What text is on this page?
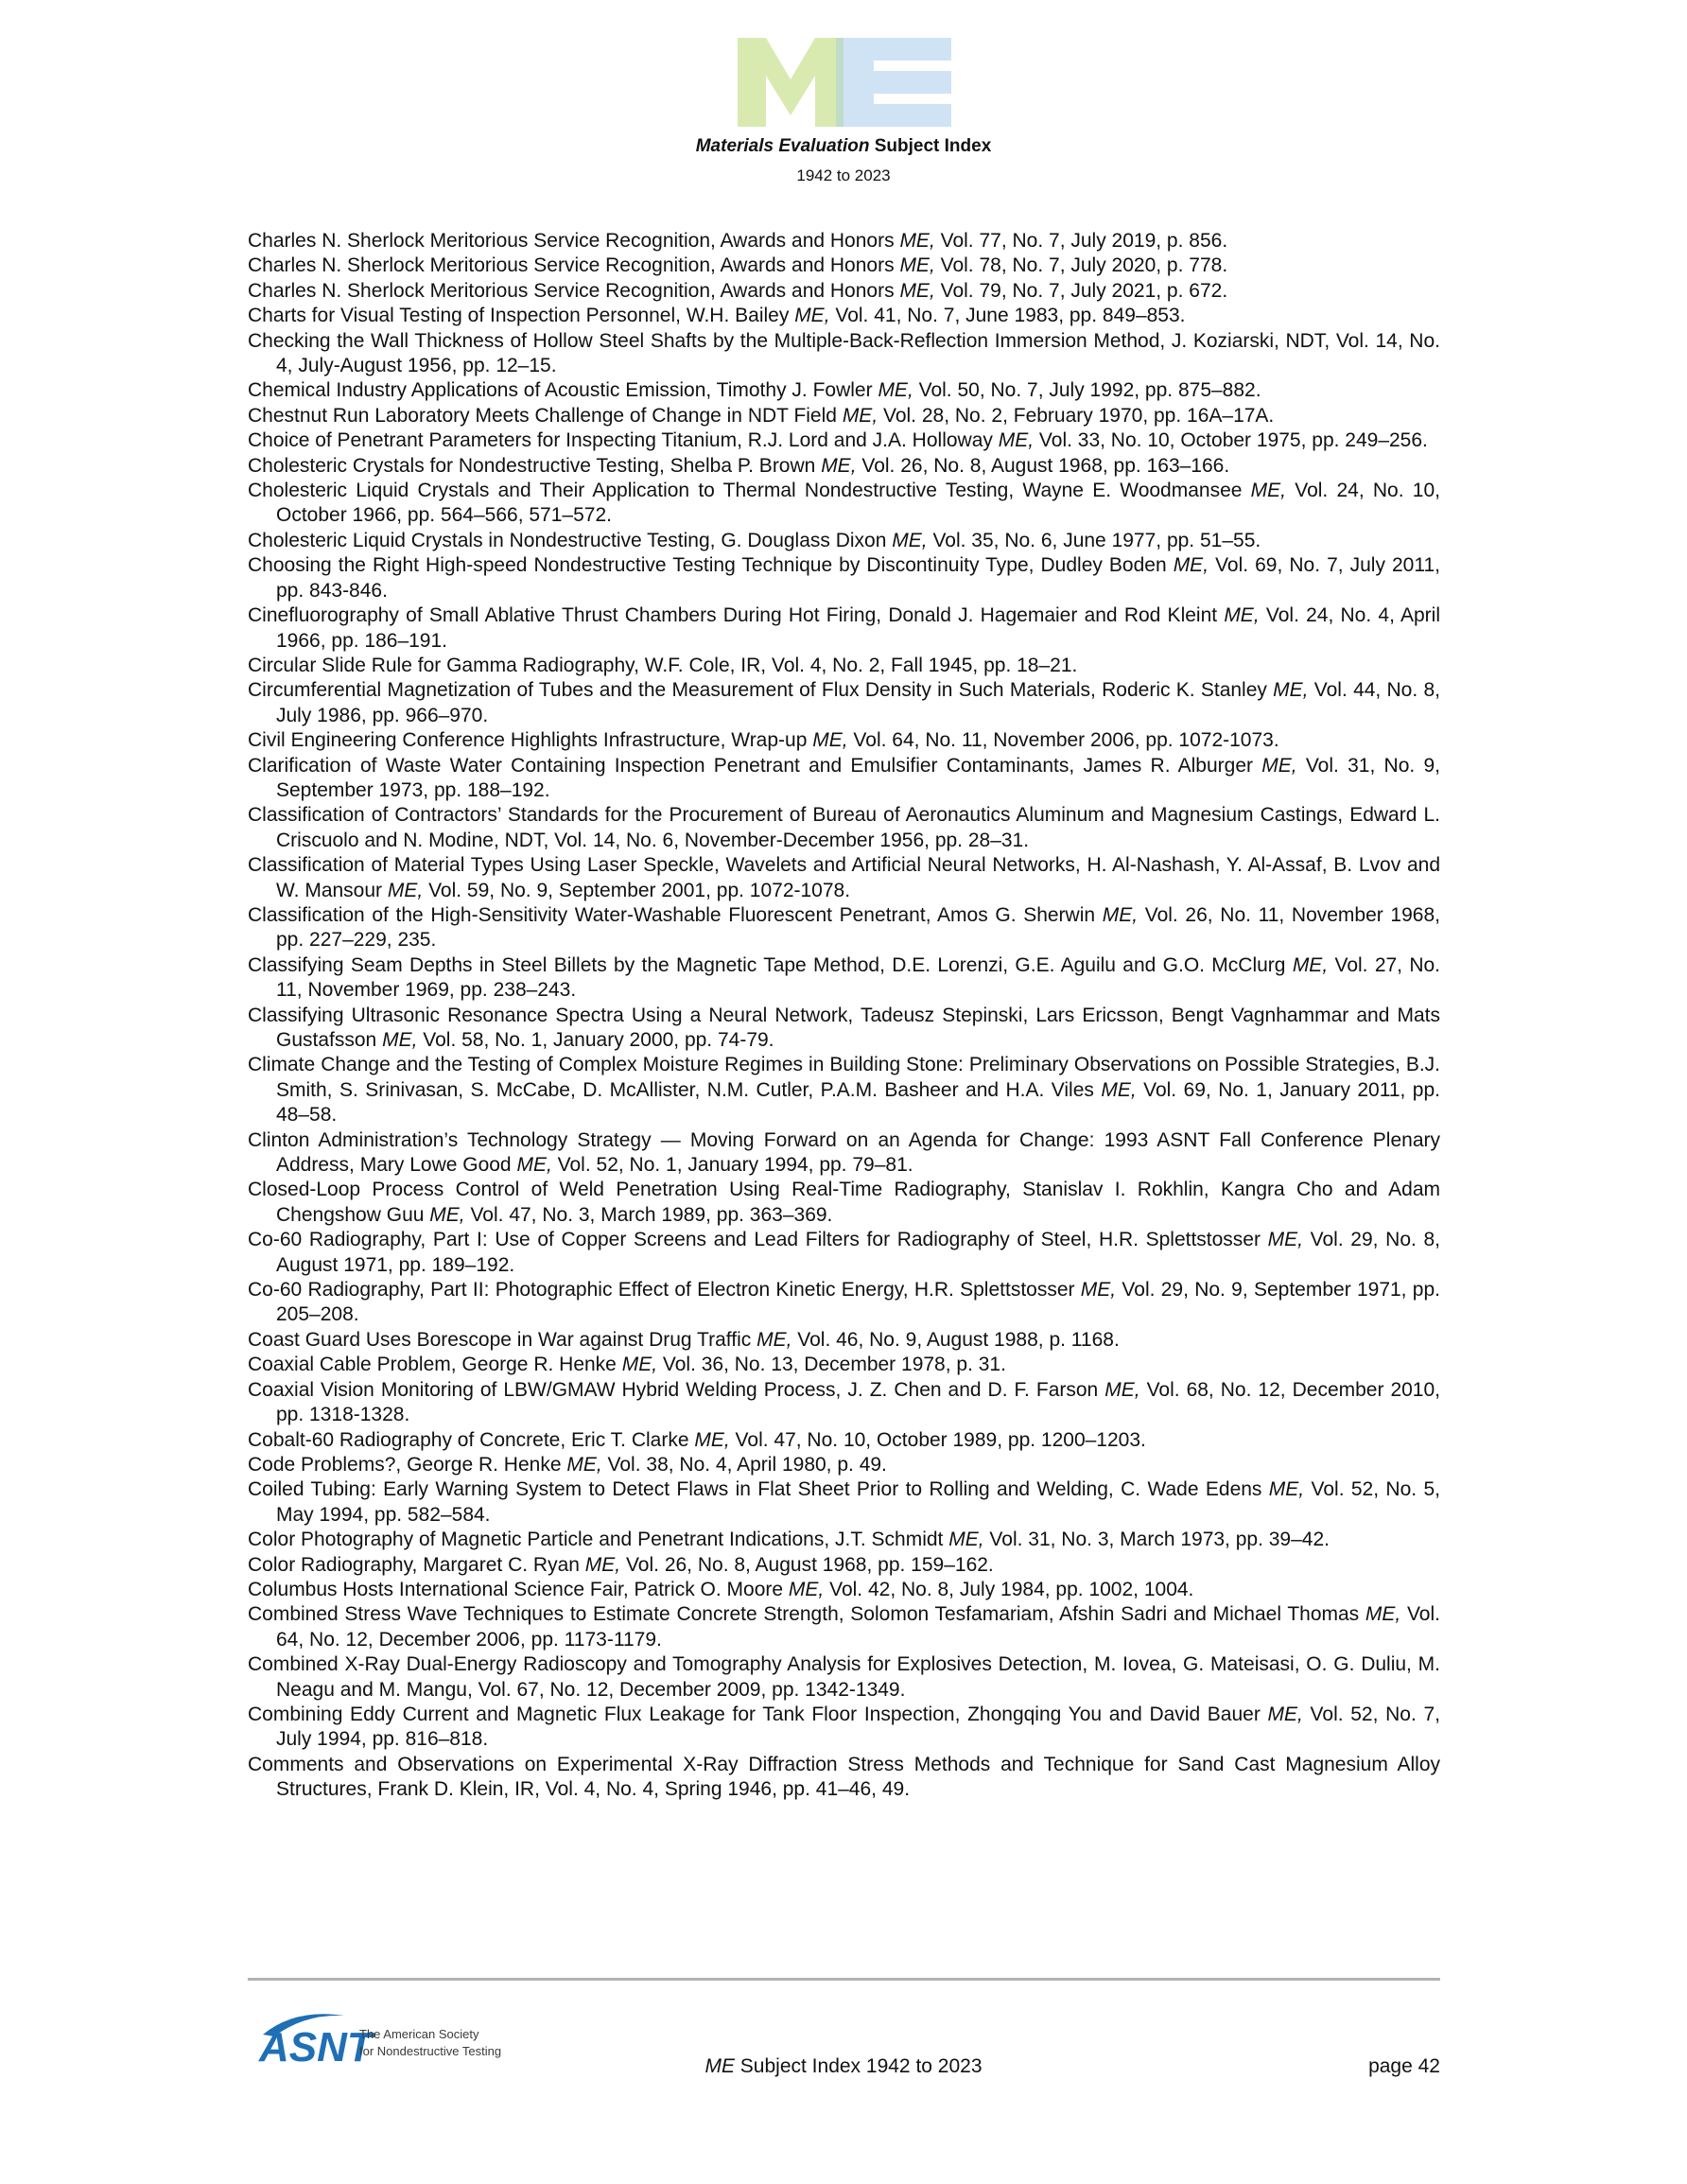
Materials Evaluation Subject Index
1942 to 2023
Charles N. Sherlock Meritorious Service Recognition, Awards and Honors ME, Vol. 77, No. 7, July 2019, p. 856.
Charles N. Sherlock Meritorious Service Recognition, Awards and Honors ME, Vol. 78, No. 7, July 2020, p. 778.
Charles N. Sherlock Meritorious Service Recognition, Awards and Honors ME, Vol. 79, No. 7, July 2021, p. 672.
Charts for Visual Testing of Inspection Personnel, W.H. Bailey ME, Vol. 41, No. 7, June 1983, pp. 849–853.
Checking the Wall Thickness of Hollow Steel Shafts by the Multiple-Back-Reflection Immersion Method, J. Koziarski, NDT, Vol. 14, No. 4, July-August 1956, pp. 12–15.
Chemical Industry Applications of Acoustic Emission, Timothy J. Fowler ME, Vol. 50, No. 7, July 1992, pp. 875–882.
Chestnut Run Laboratory Meets Challenge of Change in NDT Field ME, Vol. 28, No. 2, February 1970, pp. 16A–17A.
Choice of Penetrant Parameters for Inspecting Titanium, R.J. Lord and J.A. Holloway ME, Vol. 33, No. 10, October 1975, pp. 249–256.
Cholesteric Crystals for Nondestructive Testing, Shelba P. Brown ME, Vol. 26, No. 8, August 1968, pp. 163–166.
Cholesteric Liquid Crystals and Their Application to Thermal Nondestructive Testing, Wayne E. Woodmansee ME, Vol. 24, No. 10, October 1966, pp. 564–566, 571–572.
Cholesteric Liquid Crystals in Nondestructive Testing, G. Douglass Dixon ME, Vol. 35, No. 6, June 1977, pp. 51–55.
Choosing the Right High-speed Nondestructive Testing Technique by Discontinuity Type, Dudley Boden ME, Vol. 69, No. 7, July 2011, pp. 843-846.
Cinefluorography of Small Ablative Thrust Chambers During Hot Firing, Donald J. Hagemaier and Rod Kleint ME, Vol. 24, No. 4, April 1966, pp. 186–191.
Circular Slide Rule for Gamma Radiography, W.F. Cole, IR, Vol. 4, No. 2, Fall 1945, pp. 18–21.
Circumferential Magnetization of Tubes and the Measurement of Flux Density in Such Materials, Roderic K. Stanley ME, Vol. 44, No. 8, July 1986, pp. 966–970.
Civil Engineering Conference Highlights Infrastructure, Wrap-up ME, Vol. 64, No. 11, November 2006, pp. 1072-1073.
Clarification of Waste Water Containing Inspection Penetrant and Emulsifier Contaminants, James R. Alburger ME, Vol. 31, No. 9, September 1973, pp. 188–192.
Classification of Contractors’ Standards for the Procurement of Bureau of Aeronautics Aluminum and Magnesium Castings, Edward L. Criscuolo and N. Modine, NDT, Vol. 14, No. 6, November-December 1956, pp. 28–31.
Classification of Material Types Using Laser Speckle, Wavelets and Artificial Neural Networks, H. Al-Nashash, Y. Al-Assaf, B. Lvov and W. Mansour ME, Vol. 59, No. 9, September 2001, pp. 1072-1078.
Classification of the High-Sensitivity Water-Washable Fluorescent Penetrant, Amos G. Sherwin ME, Vol. 26, No. 11, November 1968, pp. 227–229, 235.
Classifying Seam Depths in Steel Billets by the Magnetic Tape Method, D.E. Lorenzi, G.E. Aguilu and G.O. McClurg ME, Vol. 27, No. 11, November 1969, pp. 238–243.
Classifying Ultrasonic Resonance Spectra Using a Neural Network, Tadeusz Stepinski, Lars Ericsson, Bengt Vagnhammar and Mats Gustafsson ME, Vol. 58, No. 1, January 2000, pp. 74-79.
Climate Change and the Testing of Complex Moisture Regimes in Building Stone: Preliminary Observations on Possible Strategies, B.J. Smith, S. Srinivasan, S. McCabe, D. McAllister, N.M. Cutler, P.A.M. Basheer and H.A. Viles ME, Vol. 69, No. 1, January 2011, pp. 48–58.
Clinton Administration’s Technology Strategy — Moving Forward on an Agenda for Change: 1993 ASNT Fall Conference Plenary Address, Mary Lowe Good ME, Vol. 52, No. 1, January 1994, pp. 79–81.
Closed-Loop Process Control of Weld Penetration Using Real-Time Radiography, Stanislav I. Rokhlin, Kangra Cho and Adam Chengshow Guu ME, Vol. 47, No. 3, March 1989, pp. 363–369.
Co-60 Radiography, Part I: Use of Copper Screens and Lead Filters for Radiography of Steel, H.R. Splettstosser ME, Vol. 29, No. 8, August 1971, pp. 189–192.
Co-60 Radiography, Part II: Photographic Effect of Electron Kinetic Energy, H.R. Splettstosser ME, Vol. 29, No. 9, September 1971, pp. 205–208.
Coast Guard Uses Borescope in War against Drug Traffic ME, Vol. 46, No. 9, August 1988, p. 1168.
Coaxial Cable Problem, George R. Henke ME, Vol. 36, No. 13, December 1978, p. 31.
Coaxial Vision Monitoring of LBW/GMAW Hybrid Welding Process, J. Z. Chen and D. F. Farson ME, Vol. 68, No. 12, December 2010, pp. 1318-1328.
Cobalt-60 Radiography of Concrete, Eric T. Clarke ME, Vol. 47, No. 10, October 1989, pp. 1200–1203.
Code Problems?, George R. Henke ME, Vol. 38, No. 4, April 1980, p. 49.
Coiled Tubing: Early Warning System to Detect Flaws in Flat Sheet Prior to Rolling and Welding, C. Wade Edens ME, Vol. 52, No. 5, May 1994, pp. 582–584.
Color Photography of Magnetic Particle and Penetrant Indications, J.T. Schmidt ME, Vol. 31, No. 3, March 1973, pp. 39–42.
Color Radiography, Margaret C. Ryan ME, Vol. 26, No. 8, August 1968, pp. 159–162.
Columbus Hosts International Science Fair, Patrick O. Moore ME, Vol. 42, No. 8, July 1984, pp. 1002, 1004.
Combined Stress Wave Techniques to Estimate Concrete Strength, Solomon Tesfamariam, Afshin Sadri and Michael Thomas ME, Vol. 64, No. 12, December 2006, pp. 1173-1179.
Combined X-Ray Dual-Energy Radioscopy and Tomography Analysis for Explosives Detection, M. Iovea, G. Mateisasi, O. G. Duliu, M. Neagu and M. Mangu, Vol. 67, No. 12, December 2009, pp. 1342-1349.
Combining Eddy Current and Magnetic Flux Leakage for Tank Floor Inspection, Zhongqing You and David Bauer ME, Vol. 52, No. 7, July 1994, pp. 816–818.
Comments and Observations on Experimental X-Ray Diffraction Stress Methods and Technique for Sand Cast Magnesium Alloy Structures, Frank D. Klein, IR, Vol. 4, No. 4, Spring 1946, pp. 41–46, 49.
ASNT
The American Society
for Nondestructive Testing
ME Subject Index 1942 to 2023	page 42
